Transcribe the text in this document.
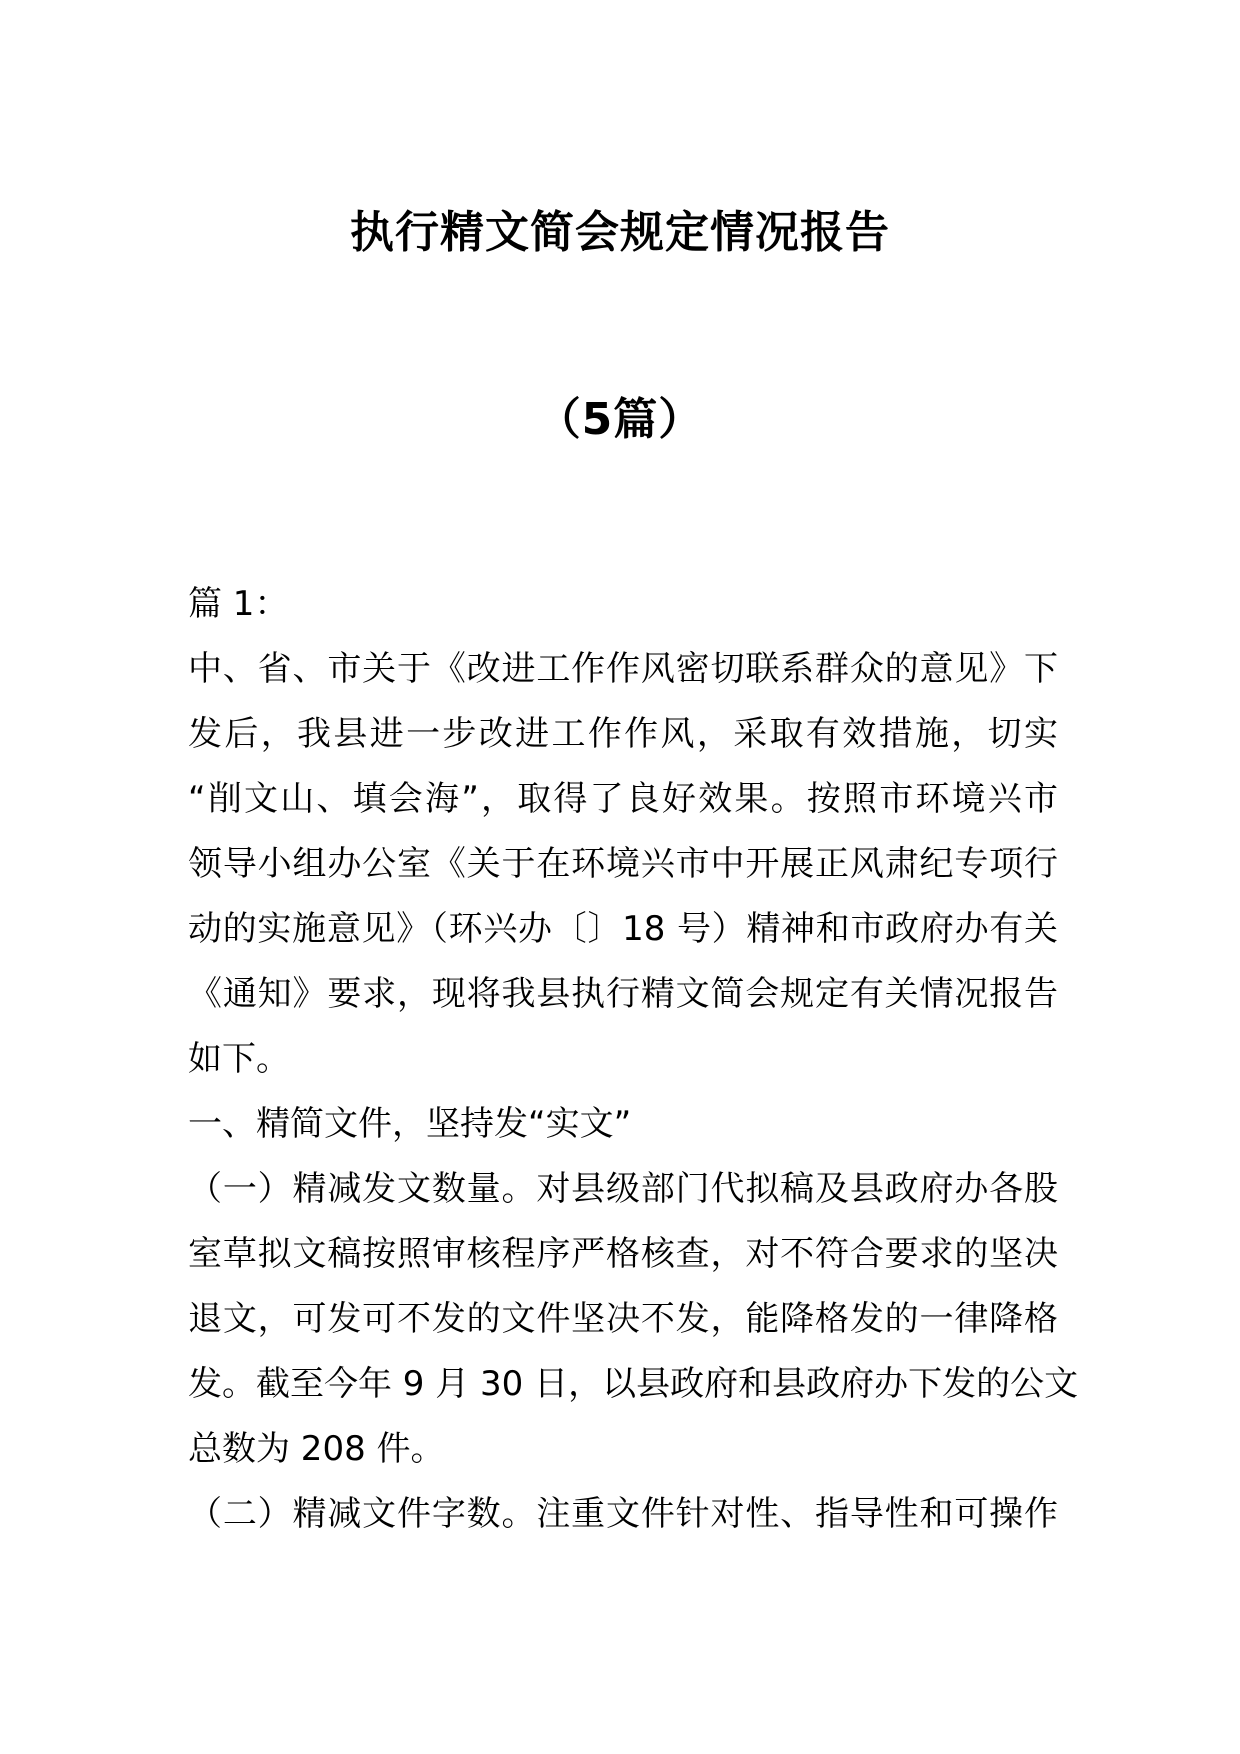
执行精文简会规定情况报告
（5篇）
篇 1：
中、省、市关于《改进工作作风密切联系群众的意见》下
发后，我县进一步改进工作作风，采取有效措施，切实
“削文山、填会海”，取得了良好效果。按照市环境兴市
领导小组办公室《关于在环境兴市中开展正风肃纪专项行
动的实施意见》（环兴办〔〕18 号）精神和市政府办有关
《通知》要求，现将我县执行精文简会规定有关情况报告
如下。
一、精简文件，坚持发“实文”
（一）精减发文数量。对县级部门代拟稿及县政府办各股
室草拟文稿按照审核程序严格核查，对不符合要求的坚决
退文，可发可不发的文件坚决不发，能降格发的一律降格
发。截至今年 9 月 30 日，以县政府和县政府办下发的公文
总数为 208 件。
（二）精减文件字数。注重文件针对性、指导性和可操作
